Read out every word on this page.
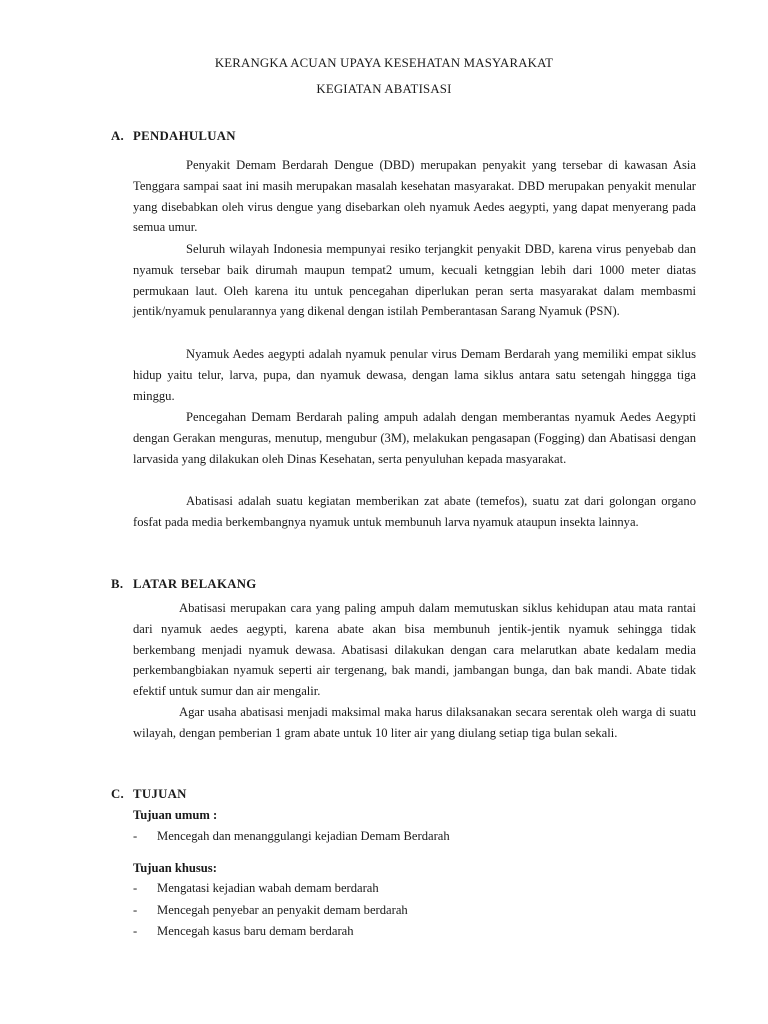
KERANGKA ACUAN UPAYA KESEHATAN MASYARAKAT
KEGIATAN ABATISASI
A. PENDAHULUAN

Penyakit Demam Berdarah Dengue (DBD) merupakan penyakit yang tersebar di kawasan Asia Tenggara sampai saat ini masih merupakan masalah kesehatan masyarakat. DBD merupakan penyakit menular yang disebabkan oleh virus dengue yang disebarkan oleh nyamuk Aedes aegypti, yang dapat menyerang pada semua umur.

Seluruh wilayah Indonesia mempunyai resiko terjangkit penyakit DBD, karena virus penyebab dan nyamuk tersebar baik dirumah maupun tempat2 umum, kecuali ketnggian lebih dari 1000 meter diatas permukaan laut. Oleh karena itu untuk pencegahan diperlukan peran serta masyarakat dalam membasmi jentik/nyamuk penularannya yang dikenal dengan istilah Pemberantasan Sarang Nyamuk (PSN).

Nyamuk Aedes aegypti adalah nyamuk penular virus Demam Berdarah yang memiliki empat siklus hidup yaitu telur, larva, pupa, dan nyamuk dewasa, dengan lama siklus antara satu setengah hinggga tiga minggu.

Pencegahan Demam Berdarah paling ampuh adalah dengan memberantas nyamuk Aedes Aegypti dengan Gerakan menguras, menutup, mengubur (3M), melakukan pengasapan (Fogging) dan Abatisasi dengan larvasida yang dilakukan oleh Dinas Kesehatan, serta penyuluhan kepada masyarakat.

Abatisasi adalah suatu kegiatan memberikan zat abate (temefos), suatu zat dari golongan organo fosfat pada media berkembangnya nyamuk untuk membunuh larva nyamuk ataupun insekta lainnya.

B. LATAR BELAKANG

Abatisasi merupakan cara yang paling ampuh dalam memutuskan siklus kehidupan atau mata rantai dari nyamuk aedes aegypti, karena abate akan bisa membunuh jentik-jentik nyamuk sehingga tidak berkembang menjadi nyamuk dewasa. Abatisasi dilakukan dengan cara melarutkan abate kedalam media perkembangbiakan nyamuk seperti air tergenang, bak mandi, jambangan bunga, dan bak mandi. Abate tidak efektif untuk sumur dan air mengalir.

Agar usaha abatisasi menjadi maksimal maka harus dilaksanakan secara serentak oleh warga di suatu wilayah, dengan pemberian 1 gram abate untuk 10 liter air yang diulang setiap tiga bulan sekali.

C. TUJUAN
Tujuan umum :
- Mencegah dan menanggulangi kejadian Demam Berdarah
Tujuan khusus:
- Mengatasi kejadian wabah demam berdarah
- Mencegah penyebar an penyakit demam berdarah
- Mencegah kasus baru demam berdarah
